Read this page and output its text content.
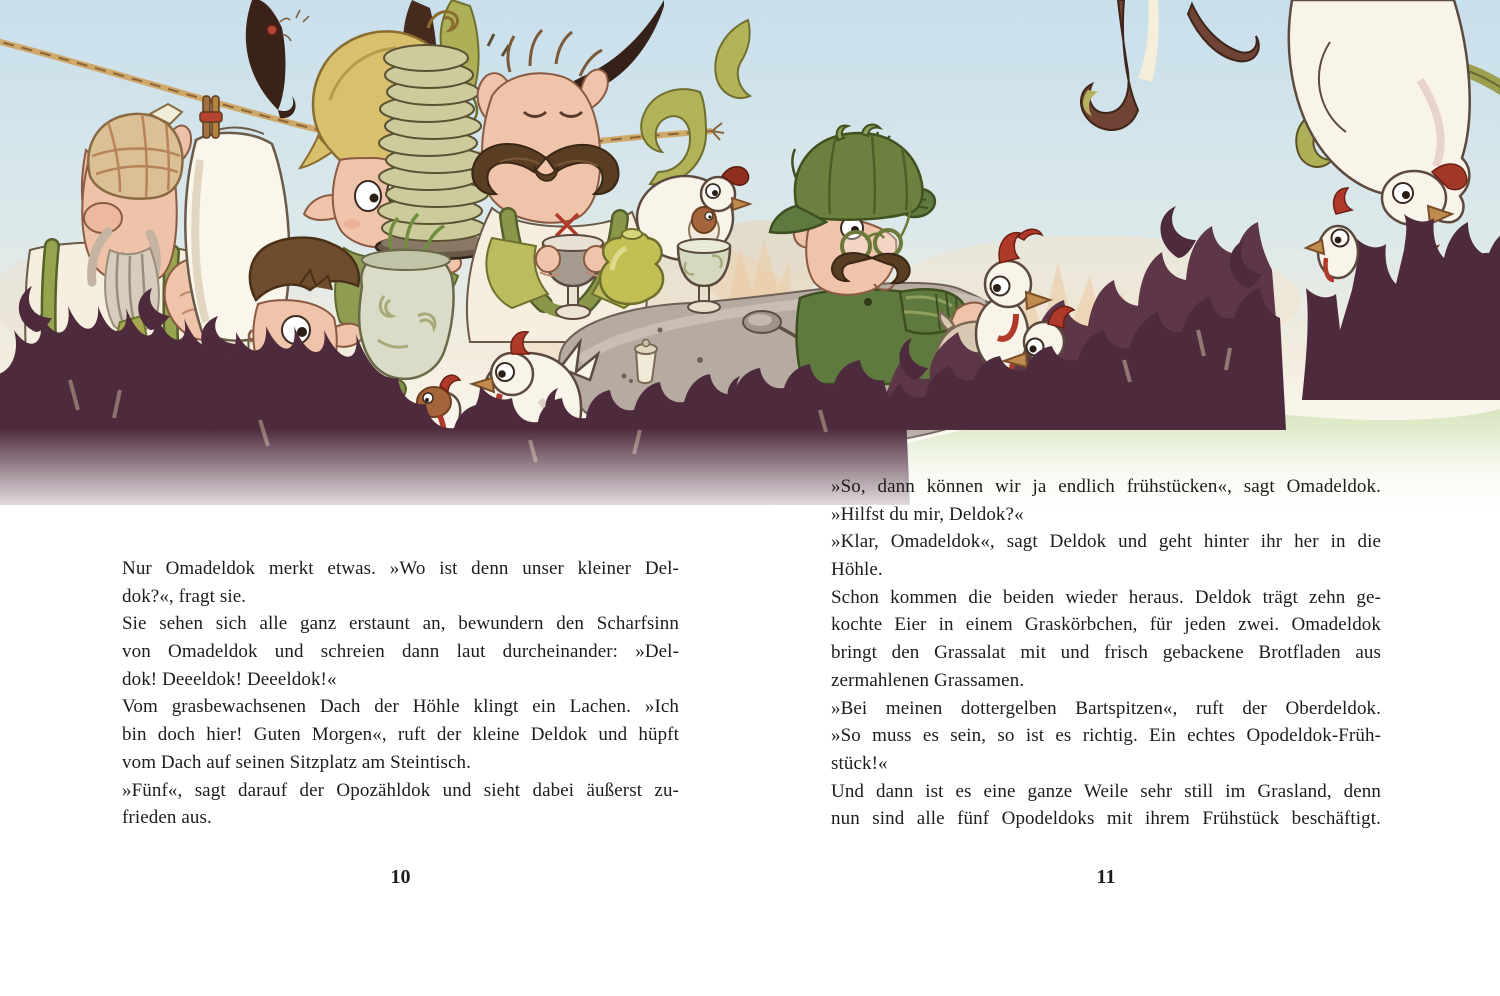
Nur Omadeldok merkt etwas. »Wo ist denn unser kleiner Del-
dok?«, fragt sie.
Sie sehen sich alle ganz erstaunt an, bewundern den Scharfsinn
von Omadeldok und schreien dann laut durcheinander: »Del-
dok! Deeeldok! Deeeldok!«
Vom grasbewachsenen Dach der Höhle klingt ein Lachen. »Ich
bin doch hier! Guten Morgen«, ruft der kleine Deldok und hüpft
vom Dach auf seinen Sitzplatz am Steintisch.
»Fünf«, sagt darauf der Opozähldok und sieht dabei äußerst zu-
frieden aus.
»So, dann können wir ja endlich frühstücken«, sagt Omadeldok.
»Hilfst du mir, Deldok?«
»Klar, Omadeldok«, sagt Deldok und geht hinter ihr her in die
Höhle.
Schon kommen die beiden wieder heraus. Deldok trägt zehn ge-
kochte Eier in einem Graskörbchen, für jeden zwei. Omadeldok
bringt den Grassalat mit und frisch gebackene Brotfladen aus
zermahlenen Grassamen.
»Bei meinen dottergelben Bartspitzen«, ruft der Oberdeldok.
»So muss es sein, so ist es richtig. Ein echtes Opodeldok-Früh-
stück!«
Und dann ist es eine ganze Weile sehr still im Grasland, denn
nun sind alle fünf Opodeldoks mit ihrem Frühstück beschäftigt.
10	11
